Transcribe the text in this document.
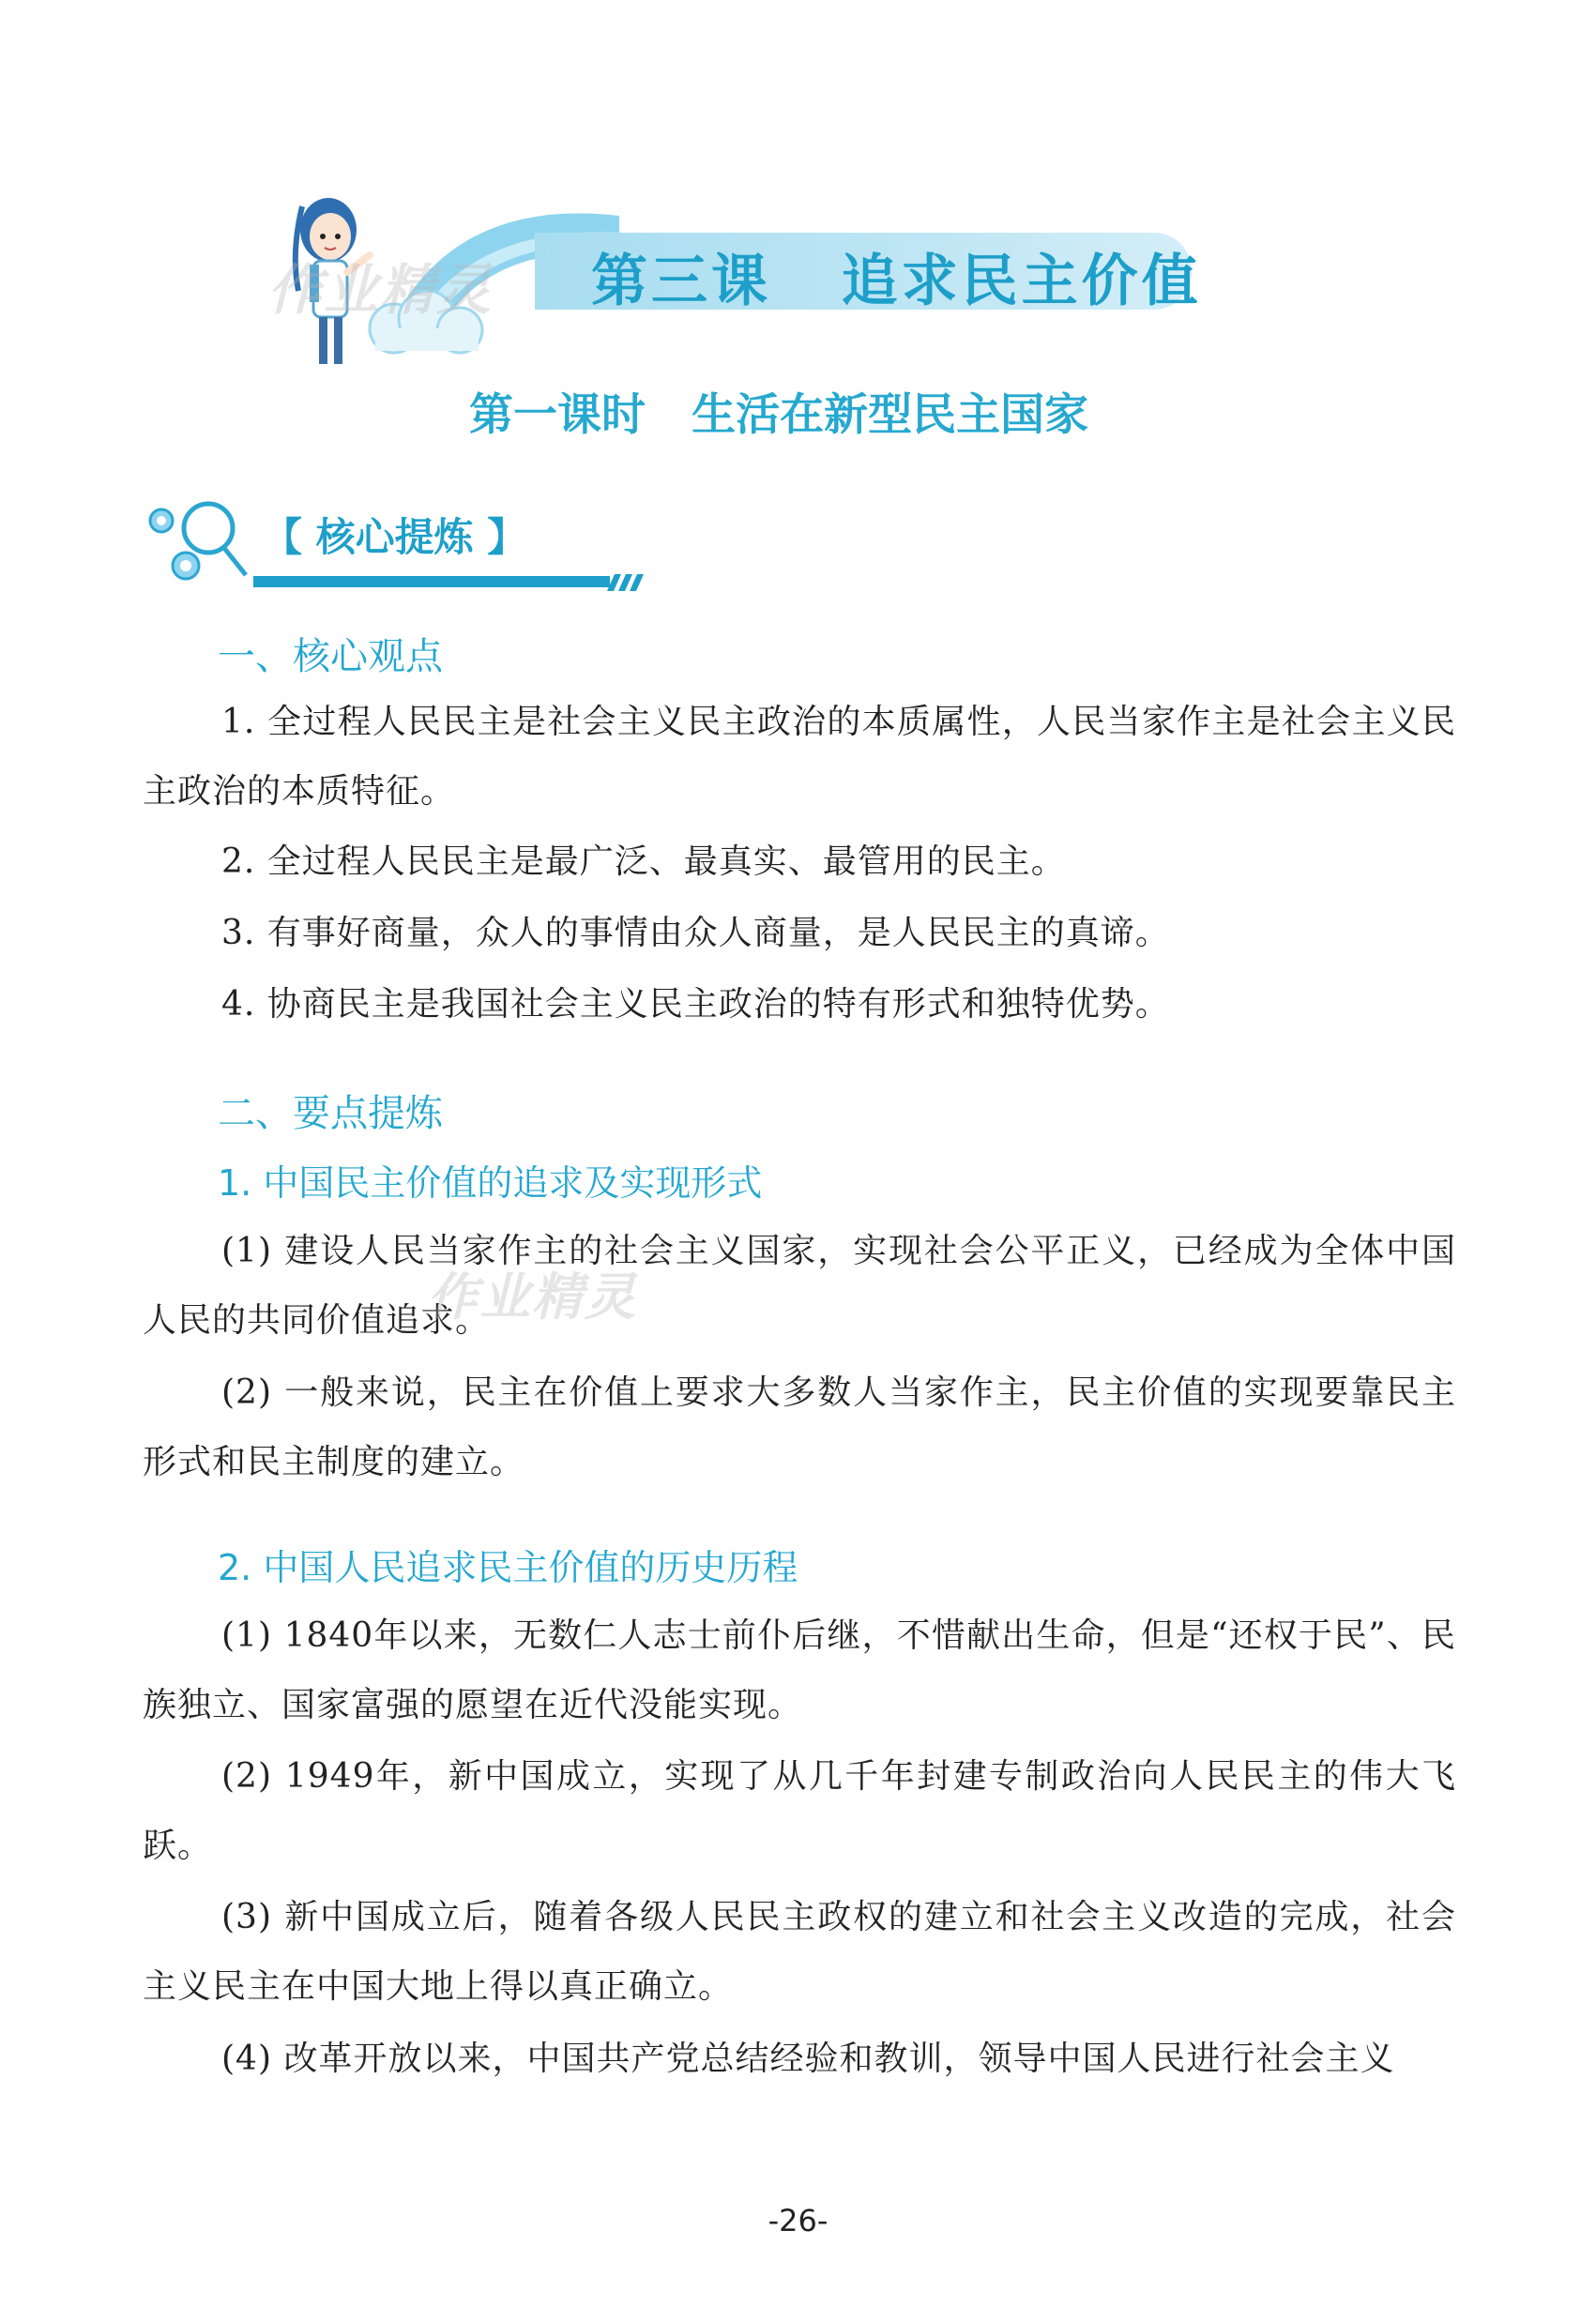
第三课   追求民主价值
作业精灵
第一课时   生活在新型民主国家
【 核心提炼 】
一、核心观点
1. 全过程人民民主是社会主义民主政治的本质属性，人民当家作主是社会主义民主政治的本质特征。
2. 全过程人民民主是最广泛、最真实、最管用的民主。
3. 有事好商量，众人的事情由众人商量，是人民民主的真谛。
4. 协商民主是我国社会主义民主政治的特有形式和独特优势。
二、要点提炼
1. 中国民主价值的追求及实现形式
(1) 建设人民当家作主的社会主义国家，实现社会公平正义，已经成为全体中国人民的共同价值追求。
作业精灵
(2) 一般来说，民主在价值上要求大多数人当家作主，民主价值的实现要靠民主形式和民主制度的建立。
2. 中国人民追求民主价值的历史历程
(1) 1840年以来，无数仁人志士前仆后继，不惜献出生命，但是“还权于民”、民族独立、国家富强的愿望在近代没能实现。
(2) 1949年，新中国成立，实现了从几千年封建专制政治向人民民主的伟大飞跃。
(3) 新中国成立后，随着各级人民民主政权的建立和社会主义改造的完成，社会主义民主在中国大地上得以真正确立。
(4) 改革开放以来，中国共产党总结经验和教训，领导中国人民进行社会主义
-26-
